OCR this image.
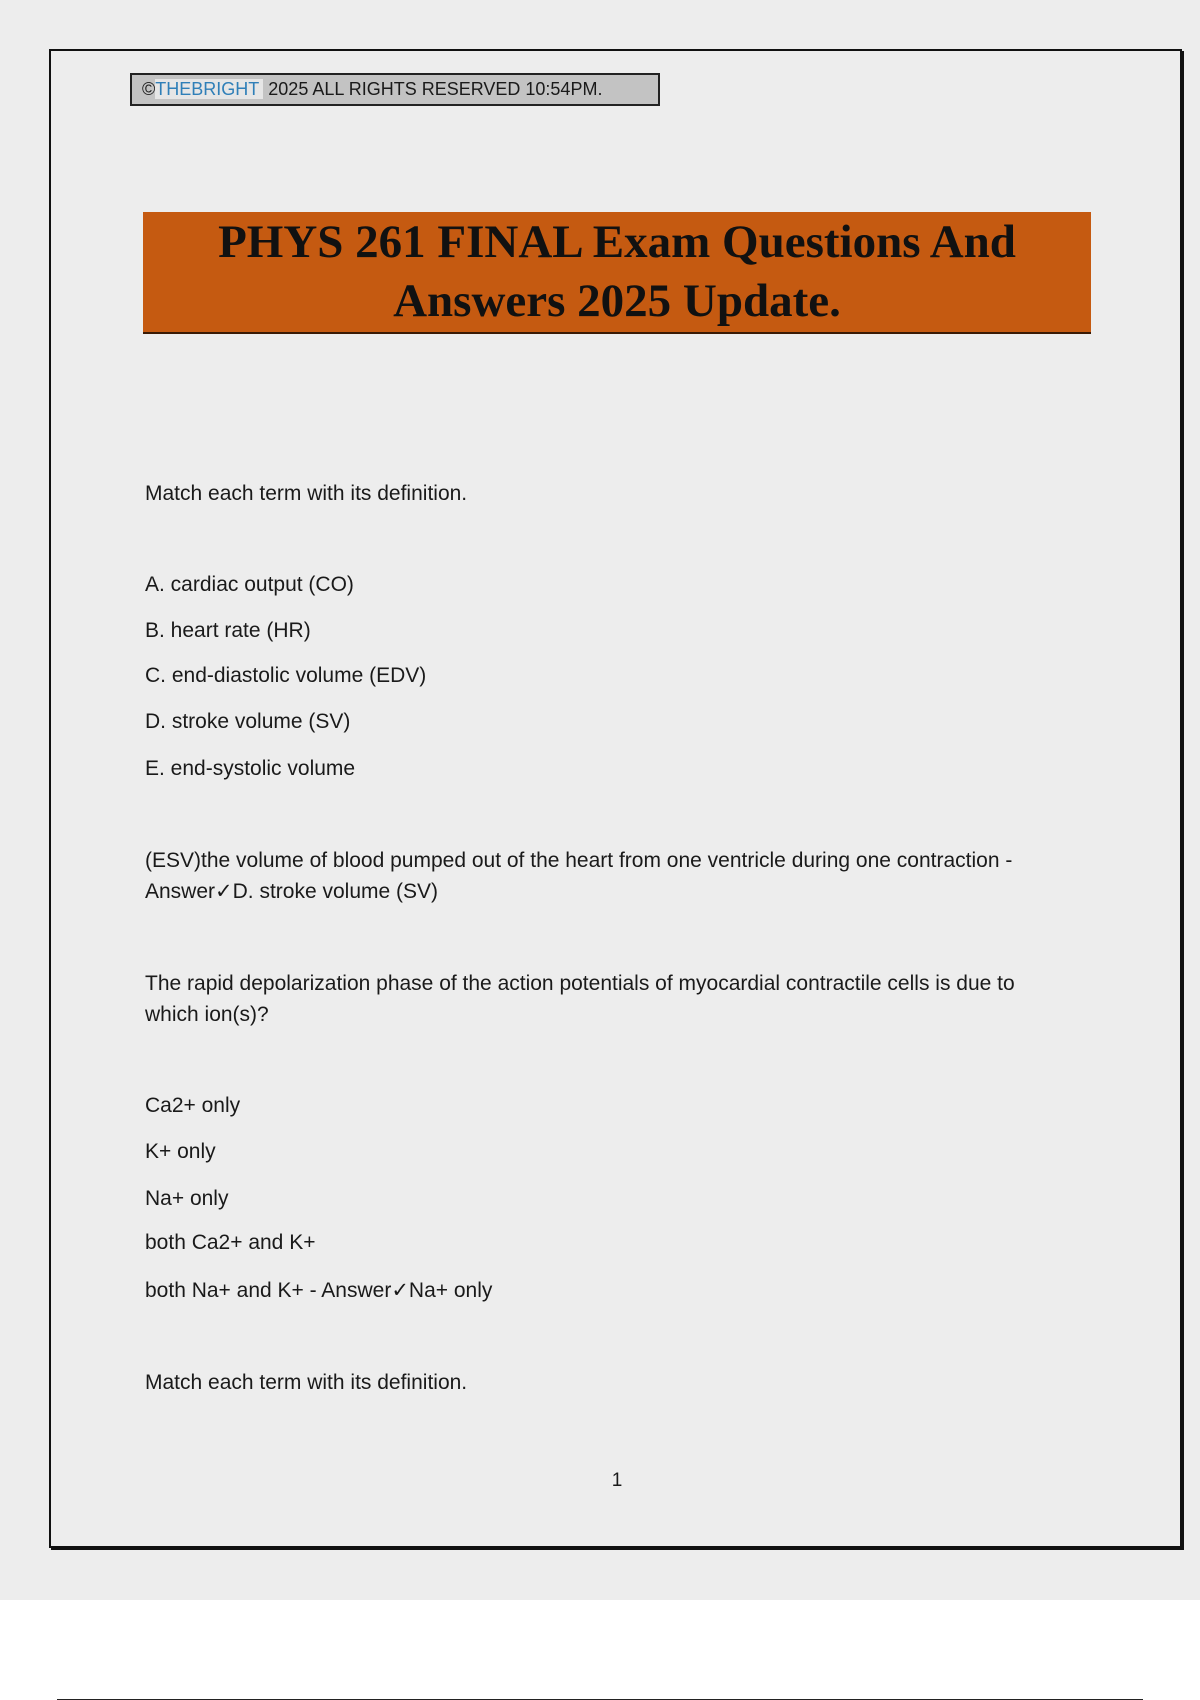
©THEBRIGHT 2025 ALL RIGHTS RESERVED 10:54PM.
PHYS 261 FINAL Exam Questions And
Answers 2025 Update.

Match each term with its definition.

A. cardiac output (CO)

B. heart rate (HR)

C. end-diastolic volume (EDV)

D. stroke volume (SV)

E. end-systolic volume

(ESV)the volume of blood pumped out of the heart from one ventricle during one contraction -

Answer✓D. stroke volume (SV)

The rapid depolarization phase of the action potentials of myocardial contractile cells is due to

which ion(s)?

Ca2+ only

K+ only

Na+ only

both Ca2+ and K+

both Na+ and K+ - Answer✓Na+ only

Match each term with its definition.

1
